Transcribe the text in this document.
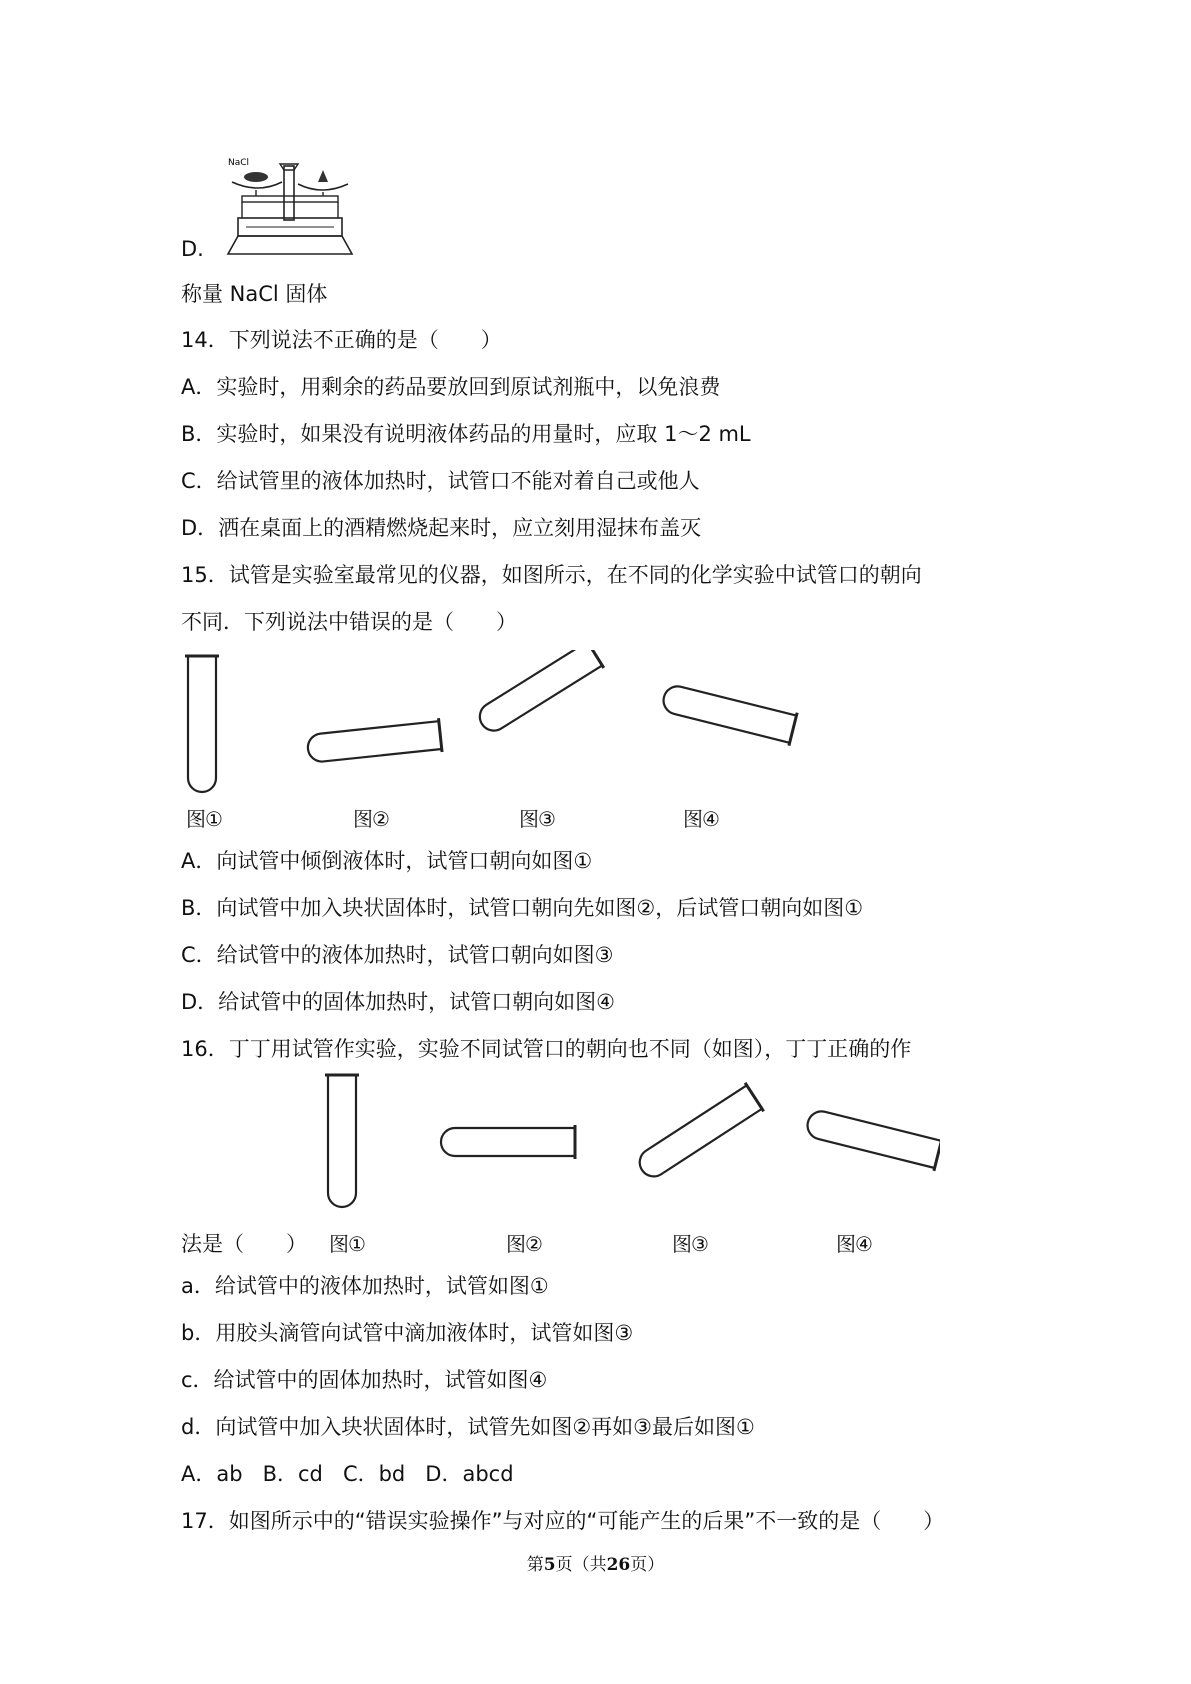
NaCl
D.
称量 NaCl 固体
14．下列说法不正确的是（　　）
A．实验时，用剩余的药品要放回到原试剂瓶中，以免浪费
B．实验时，如果没有说明液体药品的用量时，应取 1～2 mL
C．给试管里的液体加热时，试管口不能对着自己或他人
D．洒在桌面上的酒精燃烧起来时，应立刻用湿抹布盖灭
15．试管是实验室最常见的仪器，如图所示，在不同的化学实验中试管口的朝向
不同．下列说法中错误的是（　　）
图①	图②	图③	图④
A．向试管中倾倒液体时，试管口朝向如图①
B．向试管中加入块状固体时，试管口朝向先如图②，后试管口朝向如图①
C．给试管中的液体加热时，试管口朝向如图③
D．给试管中的固体加热时，试管口朝向如图④
16．丁丁用试管作实验，实验不同试管口的朝向也不同（如图），丁丁正确的作
法是（　　） 图①	图②	图③	图④
a．给试管中的液体加热时，试管如图①
b．用胶头滴管向试管中滴加液体时，试管如图③
c．给试管中的固体加热时，试管如图④
d．向试管中加入块状固体时，试管先如图②再如③最后如图①
A．ab B．cd C．bd D．abcd
17．如图所示中的“错误实验操作”与对应的“可能产生的后果”不一致的是（　　）
第5页（共26页）
